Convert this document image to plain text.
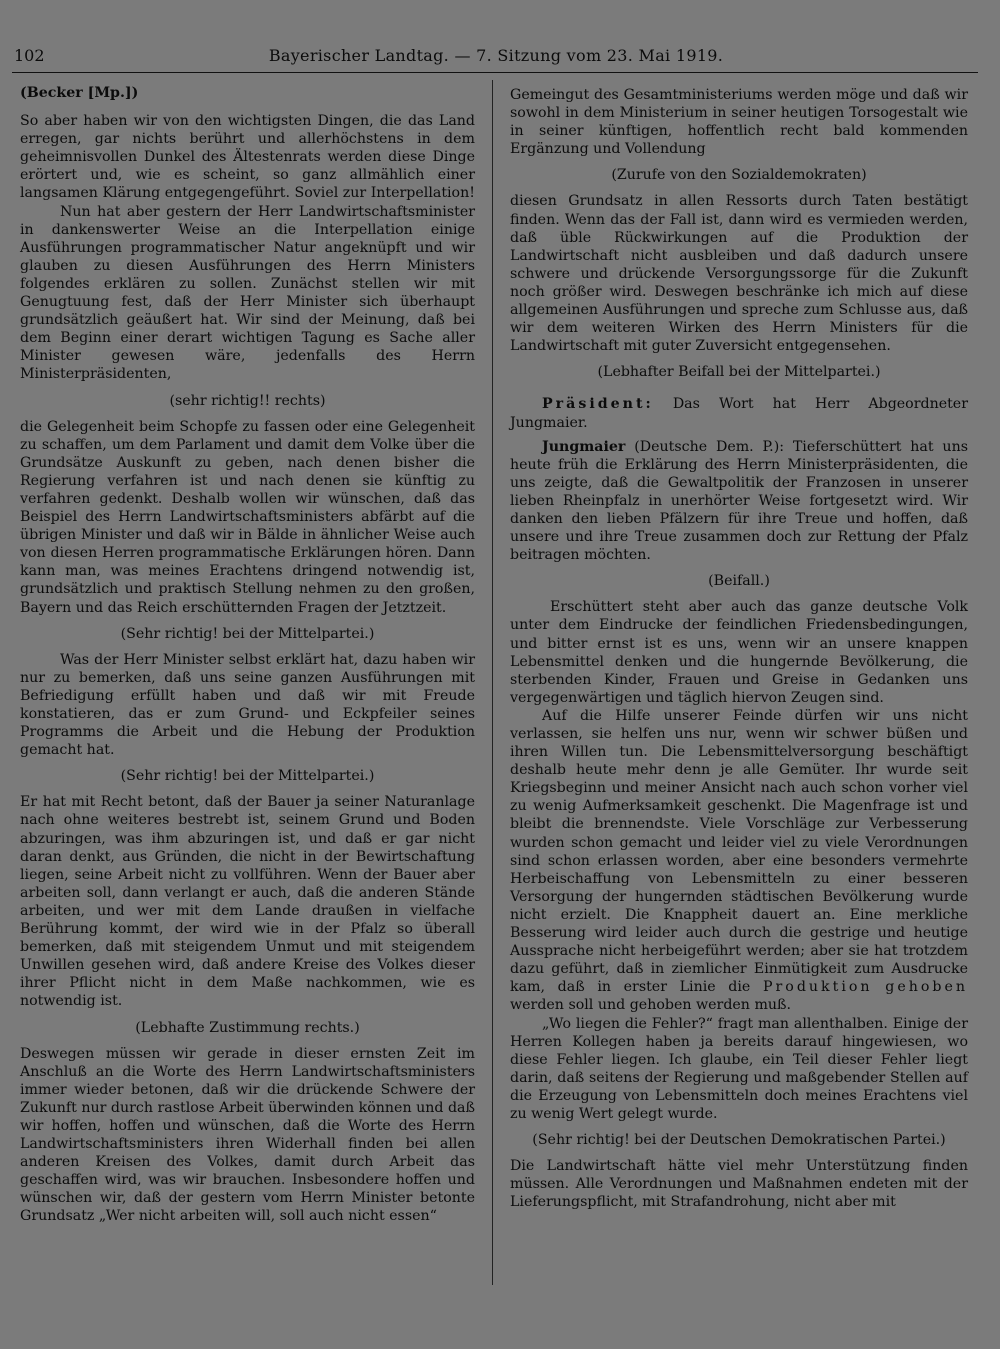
102	Bayerischer Landtag. — 7. Sitzung vom 23. Mai 1919.
(Becker [Mp.])

So aber haben wir von den wichtigsten Dingen, die das Land erregen, gar nichts berührt und allerhöchstens in dem geheimnisvollen Dunkel des Ältestenrats werden diese Dinge erörtert und, wie es scheint, so ganz allmählich einer langsamen Klärung entgegengeführt. Soviel zur Interpellation!

Nun hat aber gestern der Herr Landwirtschaftsminister in dankenswerter Weise an die Interpellation einige Ausführungen programmatischer Natur angeknüpft und wir glauben zu diesen Ausführungen des Herrn Ministers folgendes erklären zu sollen. Zunächst stellen wir mit Genugtuung fest, daß der Herr Minister sich überhaupt grundsätzlich geäußert hat. Wir sind der Meinung, daß bei dem Beginn einer derart wichtigen Tagung es Sache aller Minister gewesen wäre, jedenfalls des Herrn Ministerpräsidenten,

(sehr richtig!! rechts)

die Gelegenheit beim Schopfe zu fassen oder eine Gelegenheit zu schaffen, um dem Parlament und damit dem Volke über die Grundsätze Auskunft zu geben, nach denen bisher die Regierung verfahren ist und nach denen sie künftig zu verfahren gedenkt. Deshalb wollen wir wünschen, daß das Beispiel des Herrn Landwirtschaftsministers abfärbt auf die übrigen Minister und daß wir in Bälde in ähnlicher Weise auch von diesen Herren programmatische Erklärungen hören. Dann kann man, was meines Erachtens dringend notwendig ist, grundsätzlich und praktisch Stellung nehmen zu den großen, Bayern und das Reich erschütternden Fragen der Jetztzeit.

(Sehr richtig! bei der Mittelpartei.)

Was der Herr Minister selbst erklärt hat, dazu haben wir nur zu bemerken, daß uns seine ganzen Ausführungen mit Befriedigung erfüllt haben und daß wir mit Freude konstatieren, das er zum Grund- und Eckpfeiler seines Programms die Arbeit und die Hebung der Produktion gemacht hat.

(Sehr richtig! bei der Mittelpartei.)

Er hat mit Recht betont, daß der Bauer ja seiner Naturanlage nach ohne weiteres bestrebt ist, seinem Grund und Boden abzuringen, was ihm abzuringen ist, und daß er gar nicht daran denkt, aus Gründen, die nicht in der Bewirtschaftung liegen, seine Arbeit nicht zu vollführen. Wenn der Bauer aber arbeiten soll, dann verlangt er auch, daß die anderen Stände arbeiten, und wer mit dem Lande draußen in vielfache Berührung kommt, der wird wie in der Pfalz so überall bemerken, daß mit steigendem Unmut und mit steigendem Unwillen gesehen wird, daß andere Kreise des Volkes dieser ihrer Pflicht nicht in dem Maße nachkommen, wie es notwendig ist.

(Lebhafte Zustimmung rechts.)

Deswegen müssen wir gerade in dieser ernsten Zeit im Anschluß an die Worte des Herrn Landwirtschaftsministers immer wieder betonen, daß wir die drückende Schwere der Zukunft nur durch rastlose Arbeit überwinden können und daß wir hoffen, hoffen und wünschen, daß die Worte des Herrn Landwirtschaftsministers ihren Widerhall finden bei allen anderen Kreisen des Volkes, damit durch Arbeit das geschaffen wird, was wir brauchen. Insbesondere hoffen und wünschen wir, daß der gestern vom Herrn Minister betonte Grundsatz „Wer nicht arbeiten will, soll auch nicht essen“

Gemeingut des Gesamtministeriums werden möge und daß wir sowohl in dem Ministerium in seiner heutigen Torsogestalt wie in seiner künftigen, hoffentlich recht bald kommenden Ergänzung und Vollendung

(Zurufe von den Sozialdemokraten)

diesen Grundsatz in allen Ressorts durch Taten bestätigt finden. Wenn das der Fall ist, dann wird es vermieden werden, daß üble Rückwirkungen auf die Produktion der Landwirtschaft nicht ausbleiben und daß dadurch unsere schwere und drückende Versorgungssorge für die Zukunft noch größer wird. Deswegen beschränke ich mich auf diese allgemeinen Ausführungen und spreche zum Schlusse aus, daß wir dem weiteren Wirken des Herrn Ministers für die Landwirtschaft mit guter Zuversicht entgegensehen.

(Lebhafter Beifall bei der Mittelpartei.)

Präsident: Das Wort hat Herr Abgeordneter Jungmaier.

Jungmaier (Deutsche Dem. P.): Tieferschüttert hat uns heute früh die Erklärung des Herrn Ministerpräsidenten, die uns zeigte, daß die Gewaltpolitik der Franzosen in unserer lieben Rheinpfalz in unerhörter Weise fortgesetzt wird. Wir danken den lieben Pfälzern für ihre Treue und hoffen, daß unsere und ihre Treue zusammen doch zur Rettung der Pfalz beitragen möchten.

(Beifall.)

Erschüttert steht aber auch das ganze deutsche Volk unter dem Eindrucke der feindlichen Friedensbedingungen, und bitter ernst ist es uns, wenn wir an unsere knappen Lebensmittel denken und die hungernde Bevölkerung, die sterbenden Kinder, Frauen und Greise in Gedanken uns vergegenwärtigen und täglich hiervon Zeugen sind.

Auf die Hilfe unserer Feinde dürfen wir uns nicht verlassen, sie helfen uns nur, wenn wir schwer büßen und ihren Willen tun. Die Lebensmittelversorgung beschäftigt deshalb heute mehr denn je alle Gemüter. Ihr wurde seit Kriegsbeginn und meiner Ansicht nach auch schon vorher viel zu wenig Aufmerksamkeit geschenkt. Die Magenfrage ist und bleibt die brennendste. Viele Vorschläge zur Verbesserung wurden schon gemacht und leider viel zu viele Verordnungen sind schon erlassen worden, aber eine besonders vermehrte Herbeischaffung von Lebensmitteln zu einer besseren Versorgung der hungernden städtischen Bevölkerung wurde nicht erzielt. Die Knappheit dauert an. Eine merkliche Besserung wird leider auch durch die gestrige und heutige Aussprache nicht herbeigeführt werden; aber sie hat trotzdem dazu geführt, daß in ziemlicher Einmütigkeit zum Ausdrucke kam, daß in erster Linie die Produktion gehoben werden soll und gehoben werden muß.

„Wo liegen die Fehler?“ fragt man allenthalben. Einige der Herren Kollegen haben ja bereits darauf hingewiesen, wo diese Fehler liegen. Ich glaube, ein Teil dieser Fehler liegt darin, daß seitens der Regierung und maßgebender Stellen auf die Erzeugung von Lebensmitteln doch meines Erachtens viel zu wenig Wert gelegt wurde.

(Sehr richtig! bei der Deutschen Demokratischen Partei.)

Die Landwirtschaft hätte viel mehr Unterstützung finden müssen. Alle Verordnungen und Maßnahmen endeten mit der Lieferungspflicht, mit Strafandrohung, nicht aber mit
